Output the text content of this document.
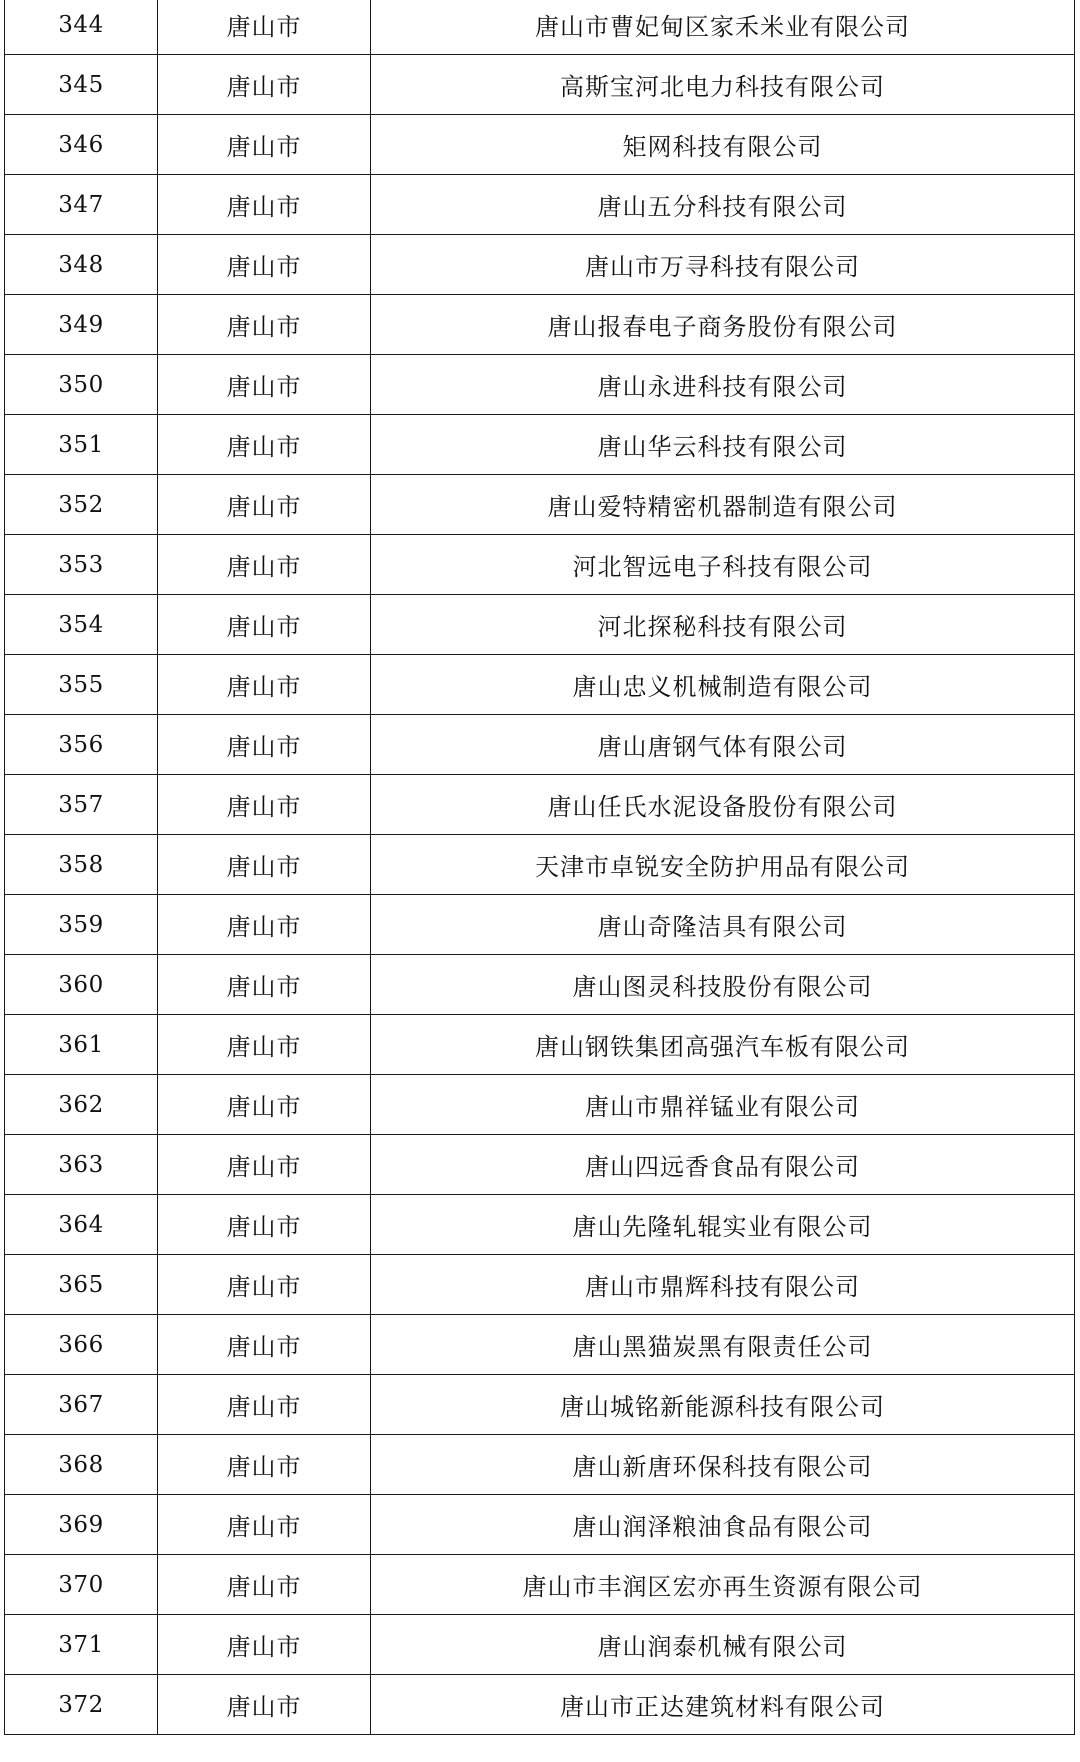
344	唐山市	唐山市曹妃甸区家禾米业有限公司
345	唐山市	高斯宝河北电力科技有限公司
346	唐山市	矩网科技有限公司
347	唐山市	唐山五分科技有限公司
348	唐山市	唐山市万寻科技有限公司
349	唐山市	唐山报春电子商务股份有限公司
350	唐山市	唐山永进科技有限公司
351	唐山市	唐山华云科技有限公司
352	唐山市	唐山爱特精密机器制造有限公司
353	唐山市	河北智远电子科技有限公司
354	唐山市	河北探秘科技有限公司
355	唐山市	唐山忠义机械制造有限公司
356	唐山市	唐山唐钢气体有限公司
357	唐山市	唐山任氏水泥设备股份有限公司
358	唐山市	天津市卓锐安全防护用品有限公司
359	唐山市	唐山奇隆洁具有限公司
360	唐山市	唐山图灵科技股份有限公司
361	唐山市	唐山钢铁集团高强汽车板有限公司
362	唐山市	唐山市鼎祥锰业有限公司
363	唐山市	唐山四远香食品有限公司
364	唐山市	唐山先隆轧辊实业有限公司
365	唐山市	唐山市鼎辉科技有限公司
366	唐山市	唐山黑猫炭黑有限责任公司
367	唐山市	唐山城铭新能源科技有限公司
368	唐山市	唐山新唐环保科技有限公司
369	唐山市	唐山润泽粮油食品有限公司
370	唐山市	唐山市丰润区宏亦再生资源有限公司
371	唐山市	唐山润泰机械有限公司
372	唐山市	唐山市正达建筑材料有限公司
